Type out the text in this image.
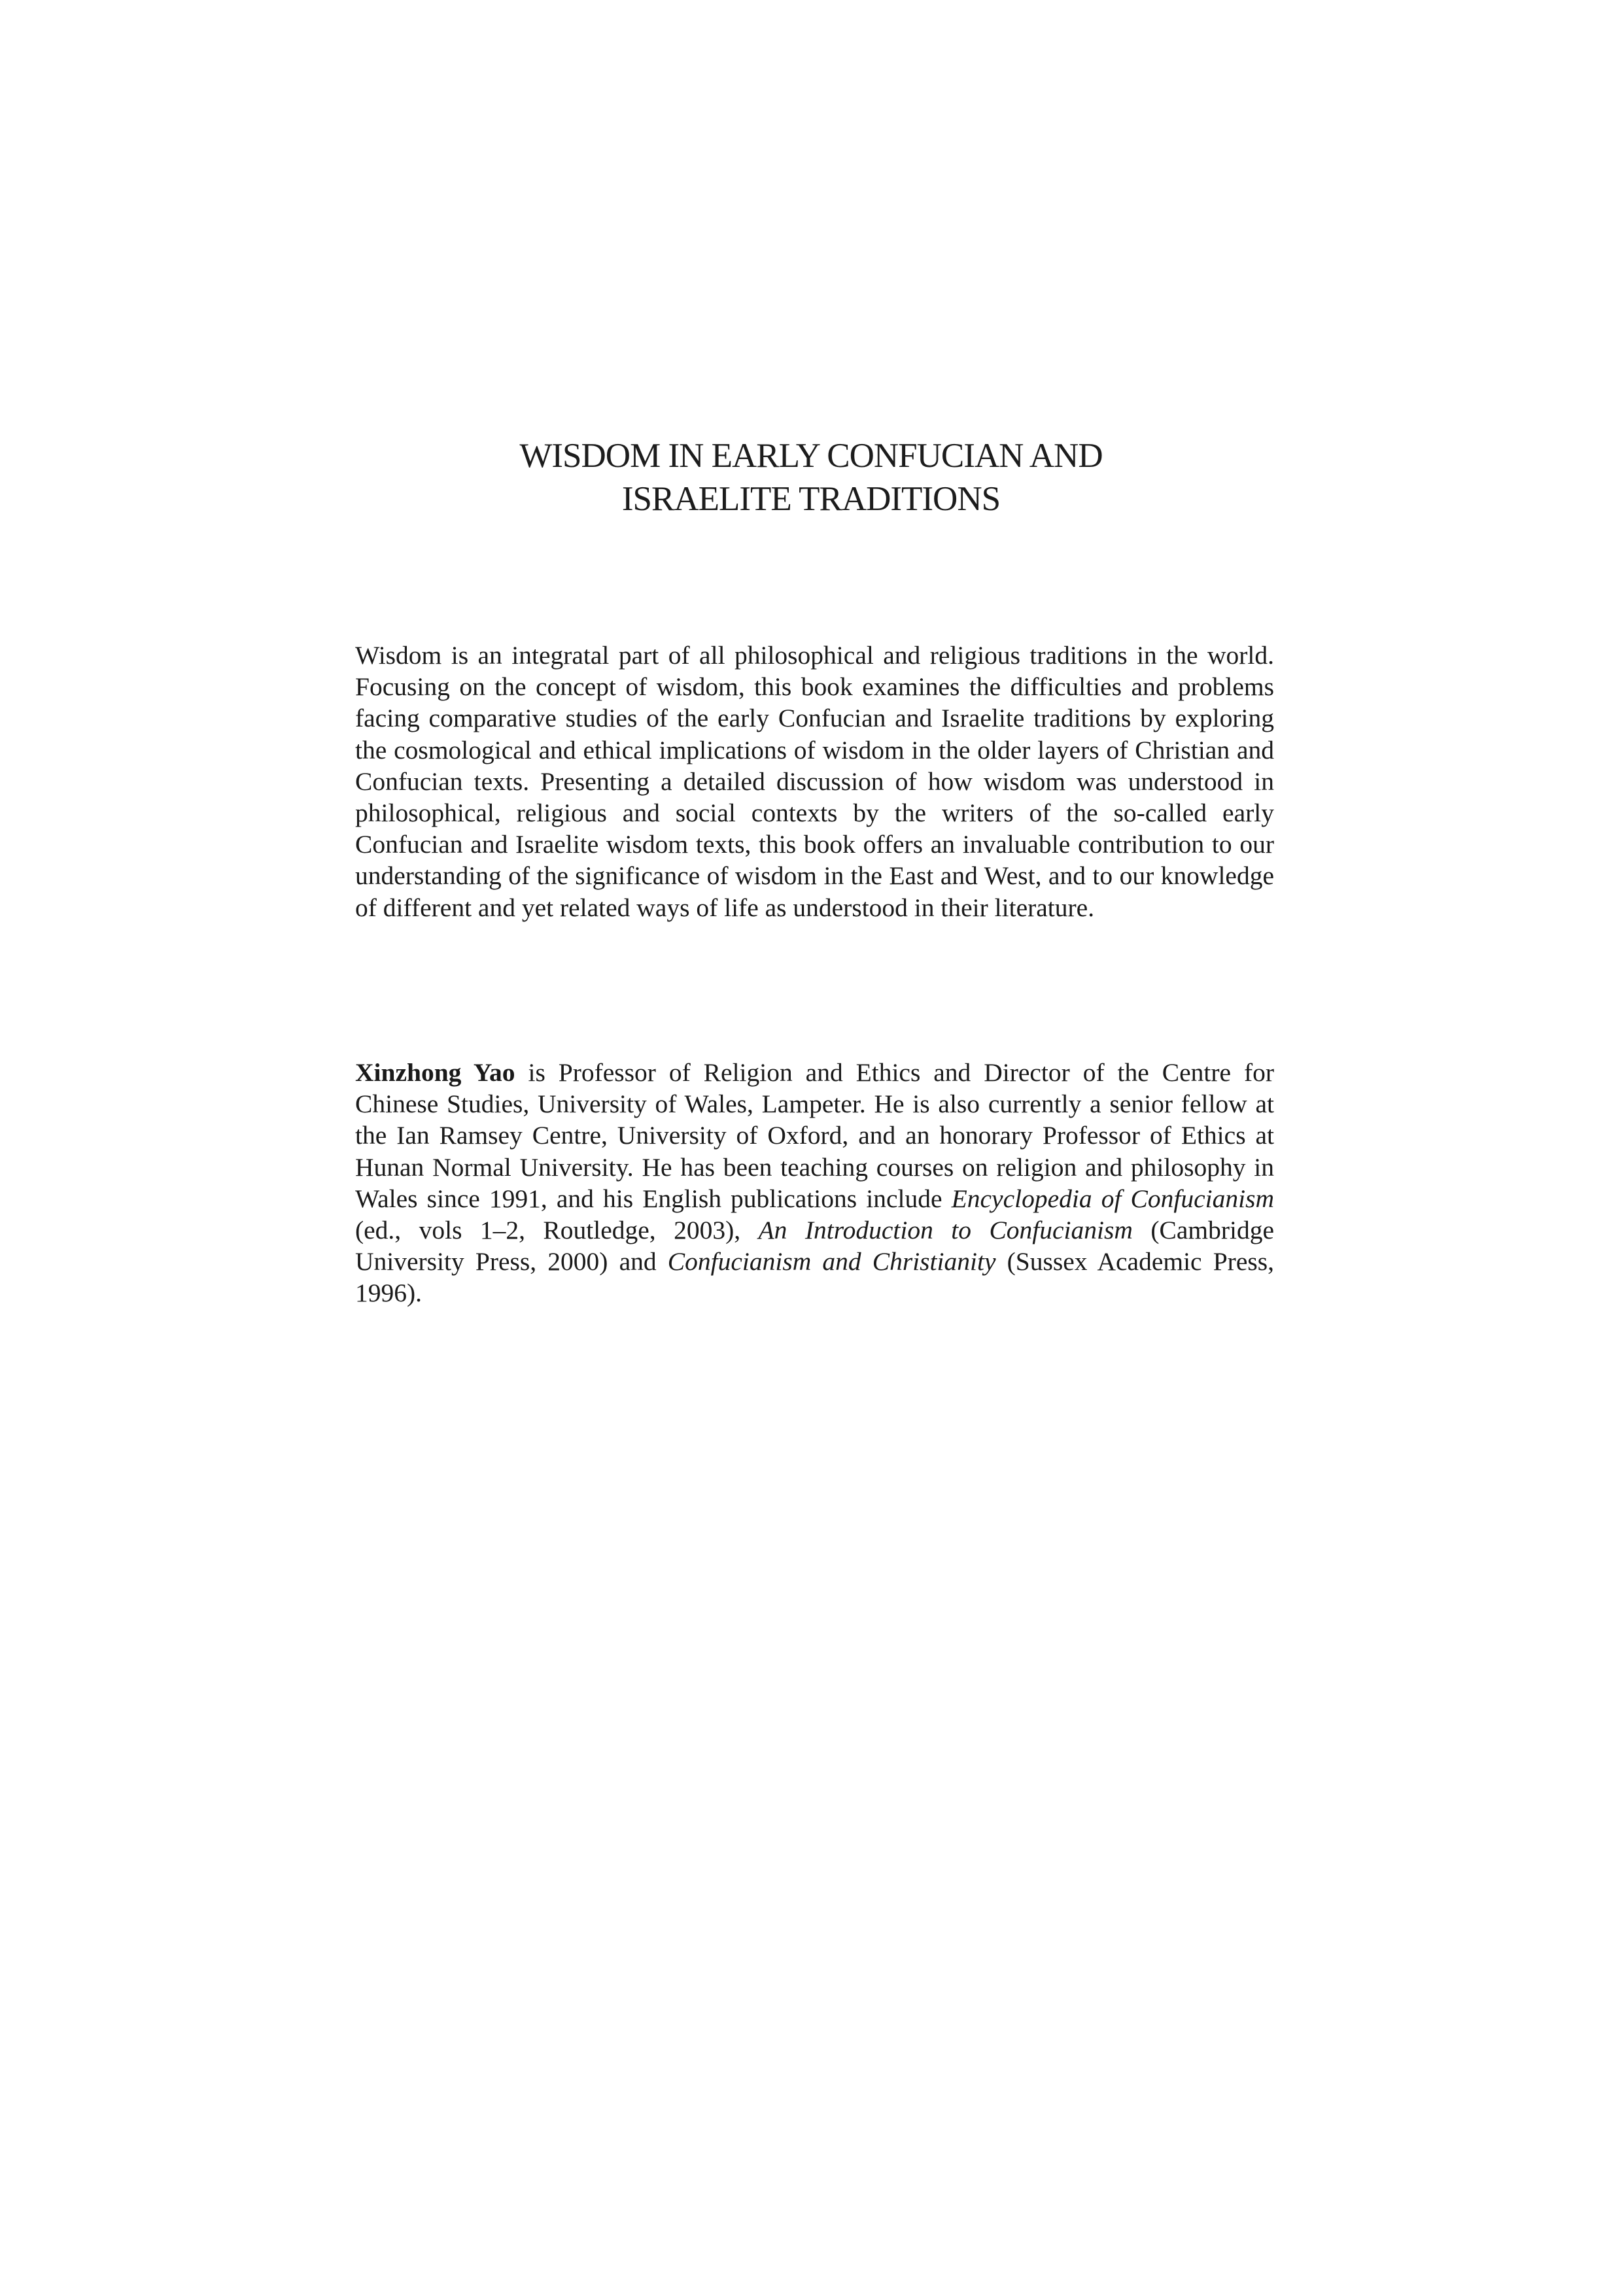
WISDOM IN EARLY CONFUCIAN AND
ISRAELITE TRADITIONS

Wisdom is an integratal part of all philosophical and religious traditions in the world. Focusing on the concept of wisdom, this book examines the difficulties and problems facing comparative studies of the early Confucian and Israelite traditions by exploring the cosmological and ethical implications of wisdom in the older layers of Christian and Confucian texts. Presenting a detailed discussion of how wisdom was understood in philosophical, religious and social contexts by the writers of the so-called early Confucian and Israelite wisdom texts, this book offers an invaluable contribution to our understanding of the significance of wisdom in the East and West, and to our knowledge of different and yet related ways of life as understood in their literature.

Xinzhong Yao is Professor of Religion and Ethics and Director of the Centre for Chinese Studies, University of Wales, Lampeter. He is also currently a senior fellow at the Ian Ramsey Centre, University of Oxford, and an honorary Professor of Ethics at Hunan Normal University. He has been teaching courses on religion and philosophy in Wales since 1991, and his English publications include Encyclopedia of Confucianism (ed., vols 1–2, Routledge, 2003), An Introduction to Confucianism (Cambridge University Press, 2000) and Confucianism and Christianity (Sussex Academic Press, 1996).
